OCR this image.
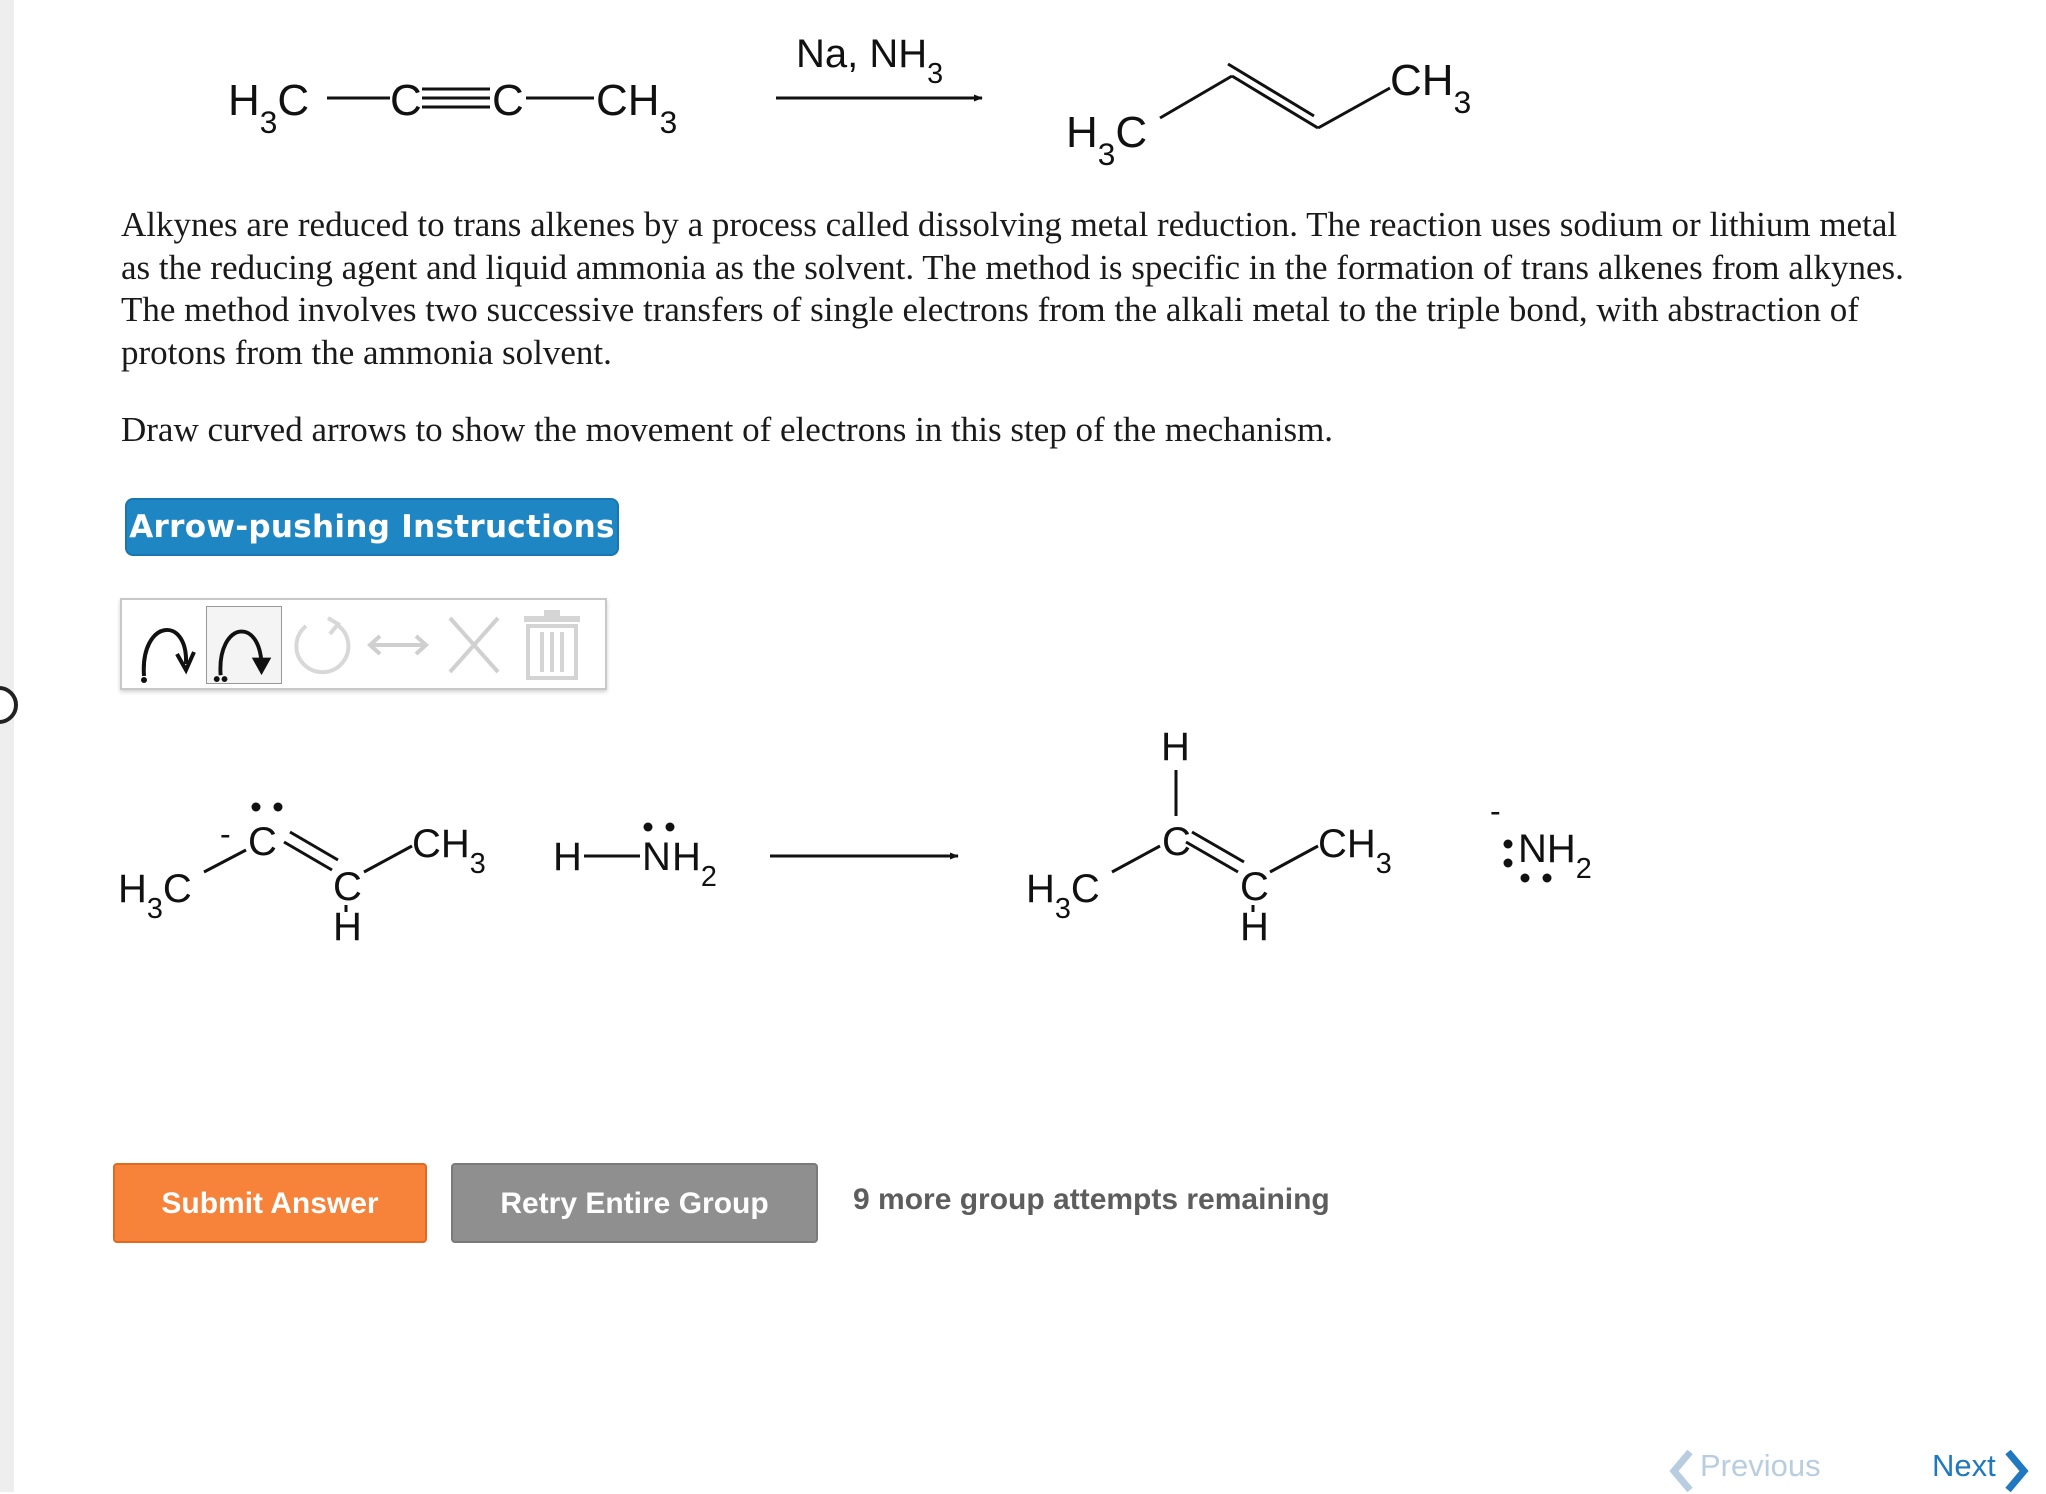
$H_3C$ C C $CH_3$
Na, $NH_3$
$H_3C$
$CH_3$
$H_3C$
- C
C
H
$CH_3$ H N $H_2$
H
C
C
H
$H_3C$
$CH_3$
-
$NH_2$

Alkynes are reduced to trans alkenes by a process called dissolving metal reduction. The reaction uses sodium or lithium metal
as the reducing agent and liquid ammonia as the solvent. The method is specific in the formation of trans alkenes from alkynes.
The method involves two successive transfers of single electrons from the alkali metal to the triple bond, with abstraction of
protons from the ammonia solvent.

Draw curved arrows to show the movement of electrons in this step of the mechanism.

Arrow-pushing Instructions
Submit Answer	Retry Entire Group	9 more group attempts remaining
Previous	Next
